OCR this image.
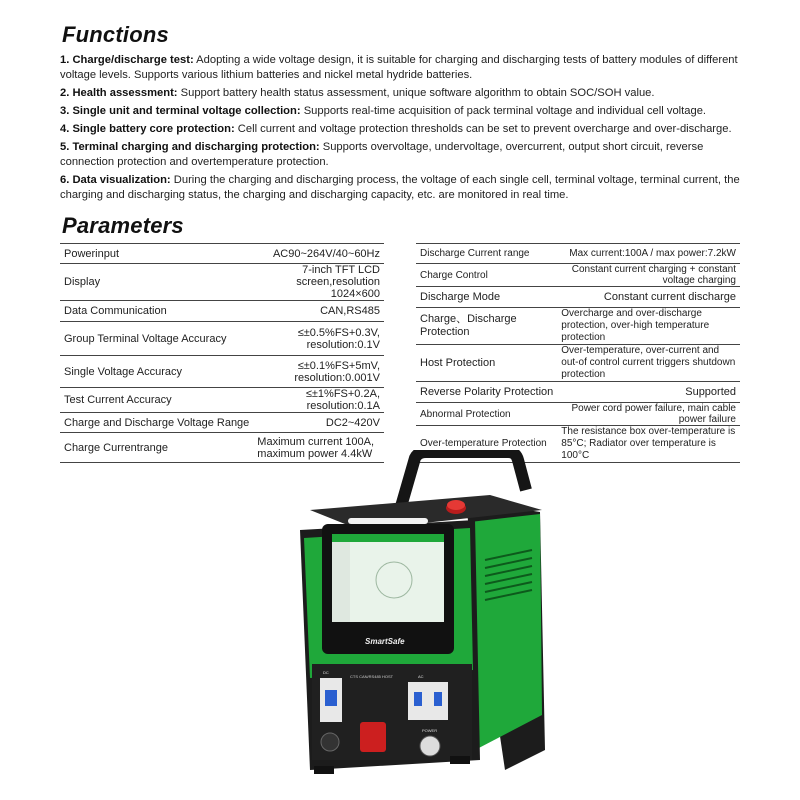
Functions
1. Charge/discharge test: Adopting a wide voltage design, it is suitable for charging and discharging tests of battery modules of different voltage levels. Supports various lithium batteries and nickel metal hydride batteries.
2. Health assessment: Support battery health status assessment, unique software algorithm to obtain SOC/SOH value.
3. Single unit and terminal voltage collection: Supports real-time acquisition of pack terminal voltage and individual cell voltage.
4. Single battery core protection: Cell current and voltage protection thresholds can be set to prevent overcharge and over-discharge.
5. Terminal charging and discharging protection: Supports overvoltage, undervoltage, overcurrent, output short circuit, reverse connection protection and overtemperature protection.
6. Data visualization: During the charging and discharging process, the voltage of each single cell, terminal voltage, terminal current, the charging and discharging status, the charging and discharging capacity, etc. are monitored in real time.
Parameters
Powerinput	AC90~264V/40~60Hz
Display	7-inch TFT LCD screen,resolution 1024×600
Data Communication	CAN,RS485
Group Terminal Voltage Accuracy	≤±0.5%FS+0.3V, resolution:0.1V
Single Voltage Accuracy	≤±0.1%FS+5mV, resolution:0.001V
Test Current Accuracy	≤±1%FS+0.2A, resolution:0.1A
Charge and Discharge Voltage Range	DC2~420V
Charge Currentrange	Maximum current 100A, maximum power 4.4kW
Discharge Current range	Max current:100A / max power:7.2kW
Charge Control	Constant current charging + constant voltage charging
Discharge Mode	Constant current discharge
Charge、Discharge Protection	Overcharge and over-discharge protection, over-high temperature protection
Host Protection	Over-temperature, over-current and out-of control current triggers shutdown protection
Reverse Polarity Protection	Supported
Abnormal Protection	Power cord power failure, main cable power failure
Over-temperature Protection	The resistance box over-temperature is 85°C; Radiator over temperature is 100°C
SmartSafe
DC
AC
CTS CAN/RS485 HOST
POWER
